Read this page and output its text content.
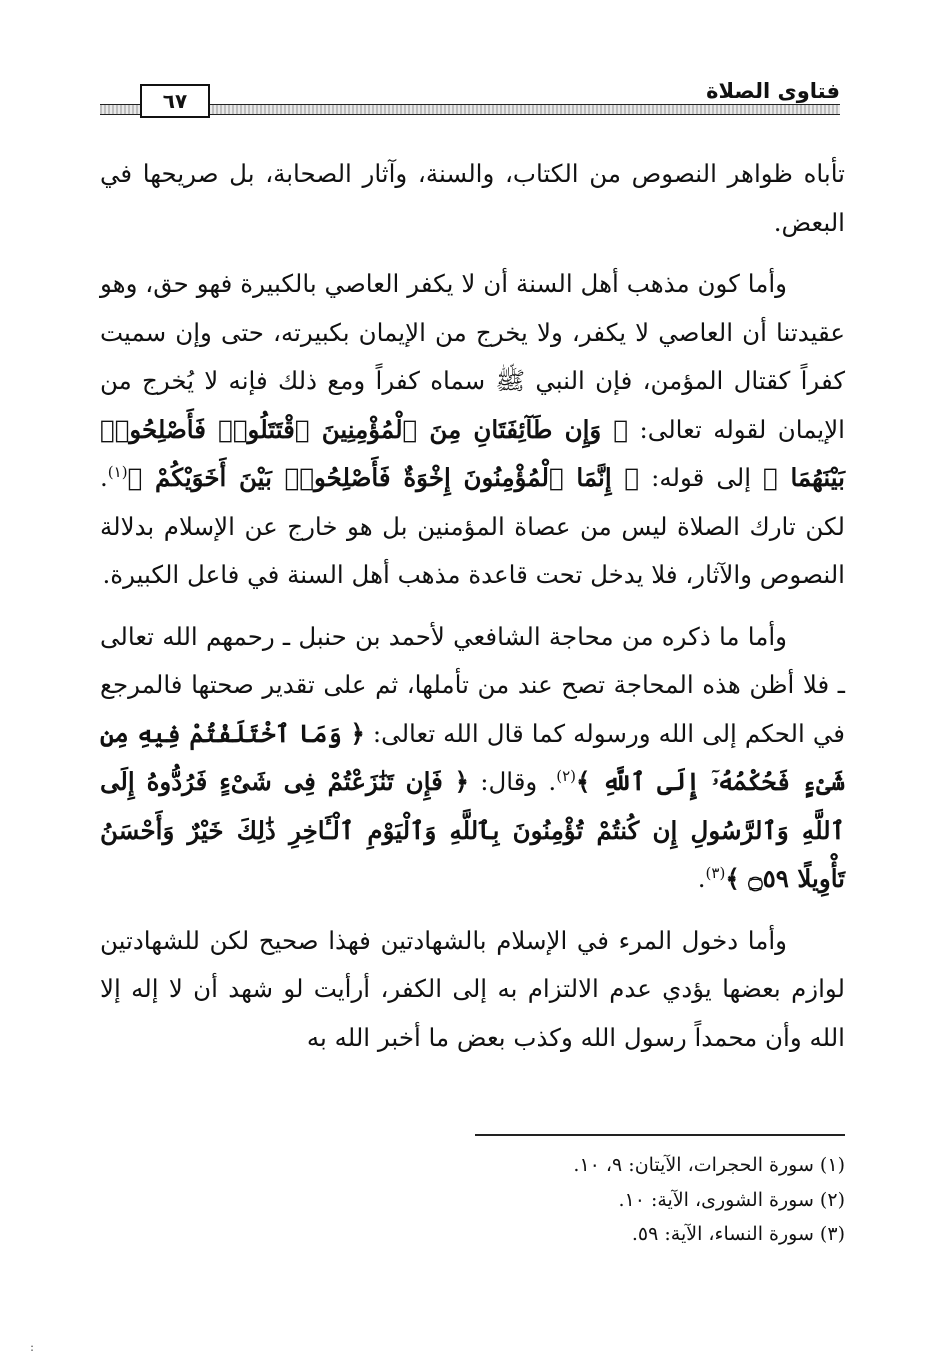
فتاوى الصلاة
٦٧

تأباه ظواهر النصوص من الكتاب، والسنة، وآثار الصحابة، بل صريحها في البعض.

وأما كون مذهب أهل السنة أن لا يكفر العاصي بالكبيرة فهو حق، وهو عقيدتنا أن العاصي لا يكفر، ولا يخرج من الإيمان بكبيرته، حتى وإن سميت كفراً كقتال المؤمن، فإن النبي ﷺ سماه كفراً ومع ذلك فإنه لا يُخرج من الإيمان لقوله تعالى: ﴿ وَإِن طَآئِفَتَانِ مِنَ ٱلْمُؤْمِنِينَ ٱقْتَتَلُوا۟ فَأَصْلِحُوا۟ بَيْنَهُمَا ﴾ إلى قوله: ﴿ إِنَّمَا ٱلْمُؤْمِنُونَ إِخْوَةٌ فَأَصْلِحُوا۟ بَيْنَ أَخَوَيْكُمْ ﴾$^{(١)}$. لكن تارك الصلاة ليس من عصاة المؤمنين بل هو خارج عن الإسلام بدلالة النصوص والآثار، فلا يدخل تحت قاعدة مذهب أهل السنة في فاعل الكبيرة.

وأما ما ذكره من محاجة الشافعي لأحمد بن حنبل ـ رحمهم الله تعالى ـ فلا أظن هذه المحاجة تصح عند من تأملها، ثم على تقدير صحتها فالمرجع في الحكم إلى الله ورسوله كما قال الله تعالى: ﴿ وَمَا ٱخْتَلَفْتُمْ فِيهِ مِن شَىْءٍ فَحُكْمُهُۥٓ إِلَى ٱللَّهِ ﴾$^{(٢)}$. وقال: ﴿ فَإِن تَنَٰزَعْتُمْ فِى شَىْءٍ فَرُدُّوهُ إِلَى ٱللَّهِ وَٱلرَّسُولِ إِن كُنتُمْ تُؤْمِنُونَ بِٱللَّهِ وَٱلْيَوْمِ ٱلْـَٔاخِرِ ذَٰلِكَ خَيْرٌ وَأَحْسَنُ تَأْوِيلًا ۝٥٩ ﴾$^{(٣)}$.

وأما دخول المرء في الإسلام بالشهادتين فهذا صحيح لكن للشهادتين لوازم بعضها يؤدي عدم الالتزام به إلى الكفر، أرأيت لو شهد أن لا إله إلا الله وأن محمداً رسول الله وكذب بعض ما أخبر الله به

(١) سورة الحجرات، الآيتان: ٩، ١٠.

(٢) سورة الشورى، الآية: ١٠.

(٣) سورة النساء، الآية: ٥٩.

:
